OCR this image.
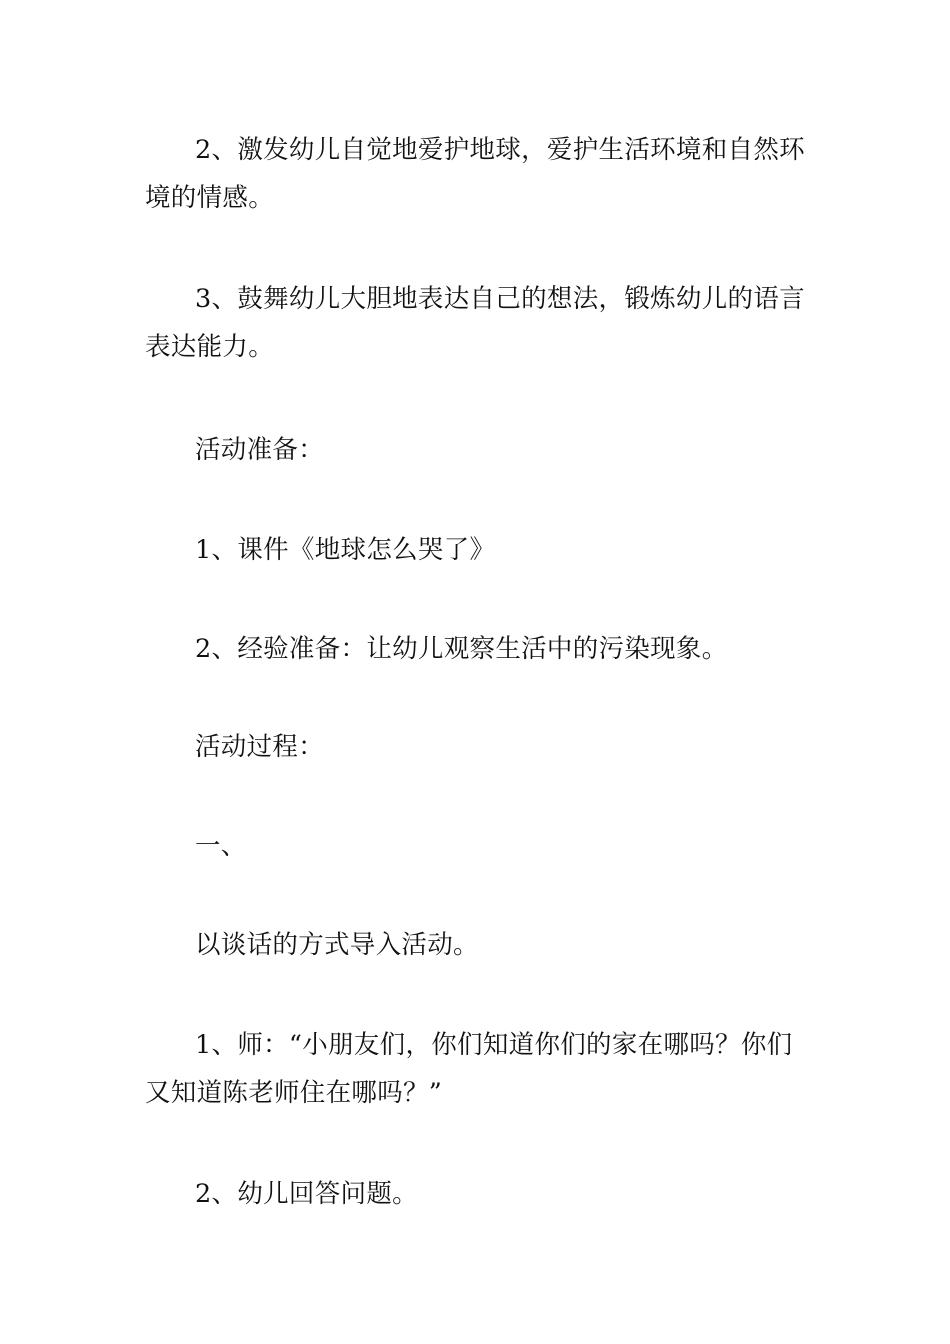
2、激发幼儿自觉地爱护地球，爱护生活环境和自然环境的情感。

3、鼓舞幼儿大胆地表达自己的想法，锻炼幼儿的语言表达能力。

活动准备：

1、课件《地球怎么哭了》

2、经验准备：让幼儿观察生活中的污染现象。

活动过程：

一、

以谈话的方式导入活动。

1、师：“小朋友们，你们知道你们的家在哪吗？你们又知道陈老师住在哪吗？”

2、幼儿回答问题。
